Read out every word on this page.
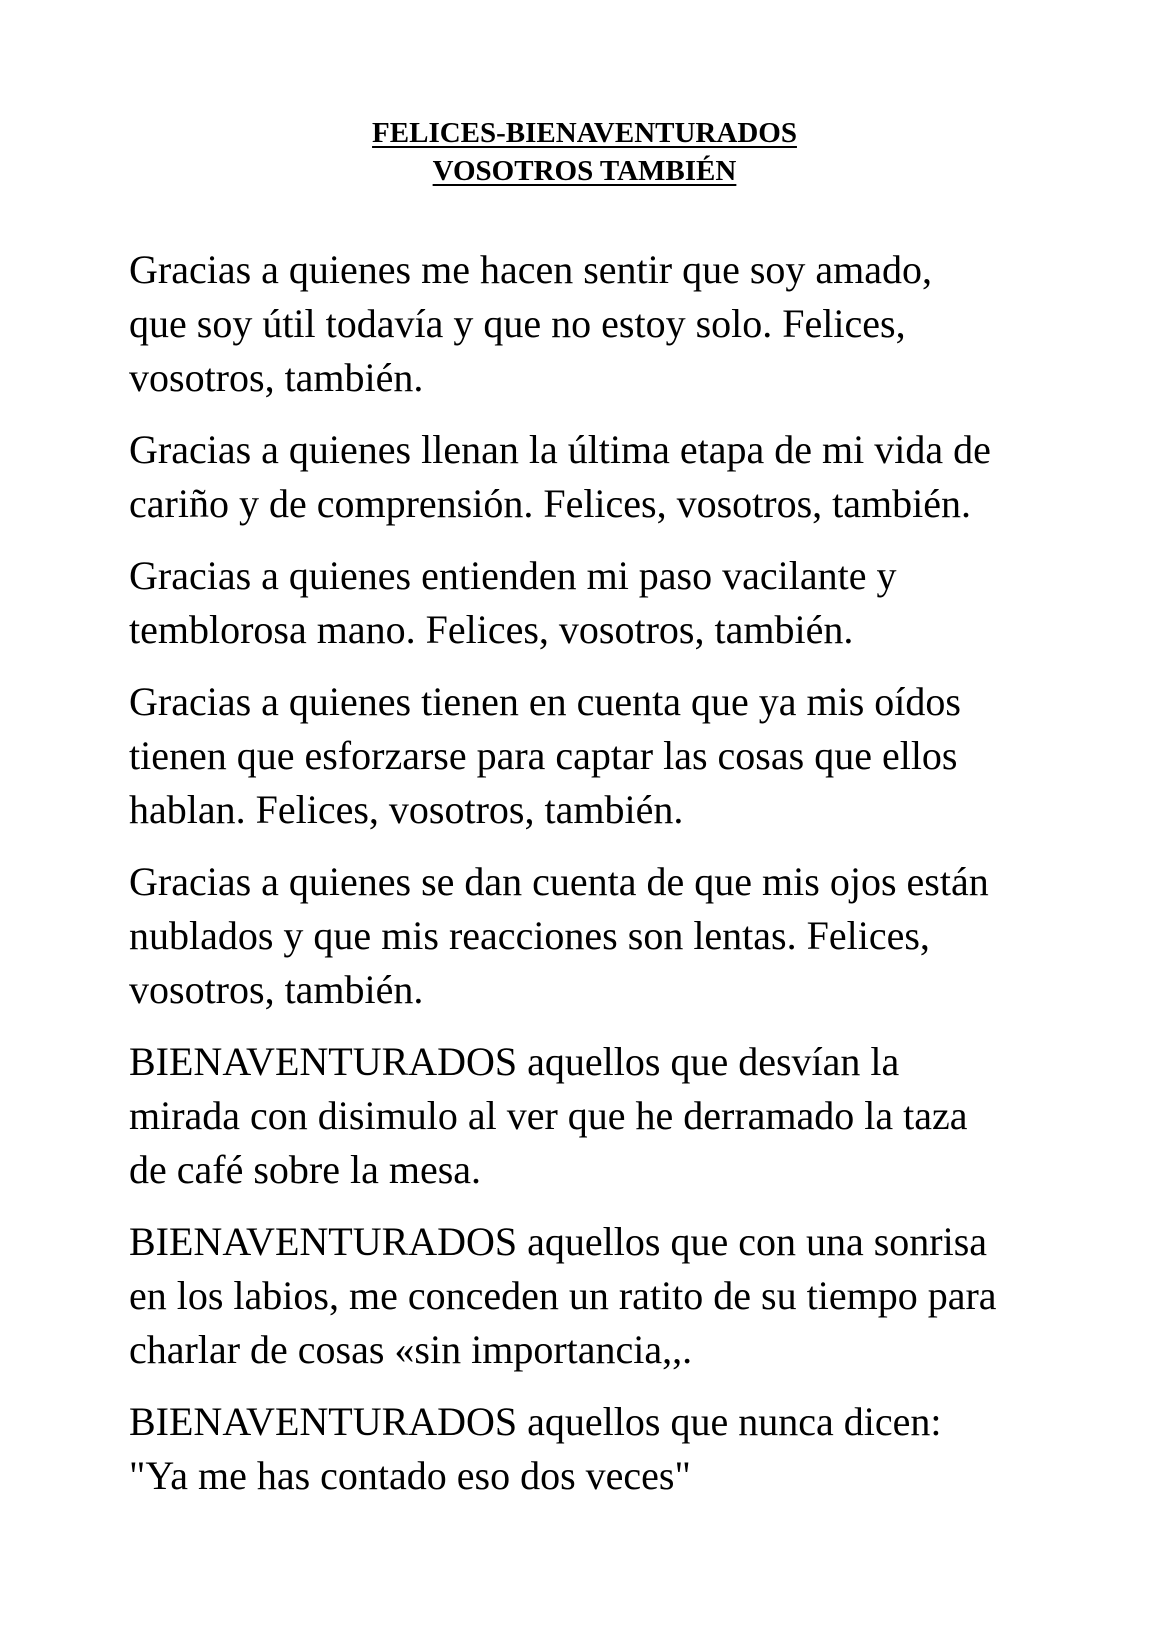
FELICES-BIENAVENTURADOS
VOSOTROS TAMBIÉN

Gracias a quienes me hacen sentir que soy amado,
que soy útil todavía y que no estoy solo. Felices,
vosotros, también.

Gracias a quienes llenan la última etapa de mi vida de
cariño y de comprensión. Felices, vosotros, también.

Gracias a quienes entienden mi paso vacilante y
temblorosa mano. Felices, vosotros, también.

Gracias a quienes tienen en cuenta que ya mis oídos
tienen que esforzarse para captar las cosas que ellos
hablan. Felices, vosotros, también.

Gracias a quienes se dan cuenta de que mis ojos están
nublados y que mis reacciones son lentas. Felices,
vosotros, también.

BIENAVENTURADOS aquellos que desvían la
mirada con disimulo al ver que he derramado la taza
de café sobre la mesa.

BIENAVENTURADOS aquellos que con una sonrisa
en los labios, me conceden un ratito de su tiempo para
charlar de cosas «sin importancia,,.

BIENAVENTURADOS aquellos que nunca dicen:
"Ya me has contado eso dos veces"
